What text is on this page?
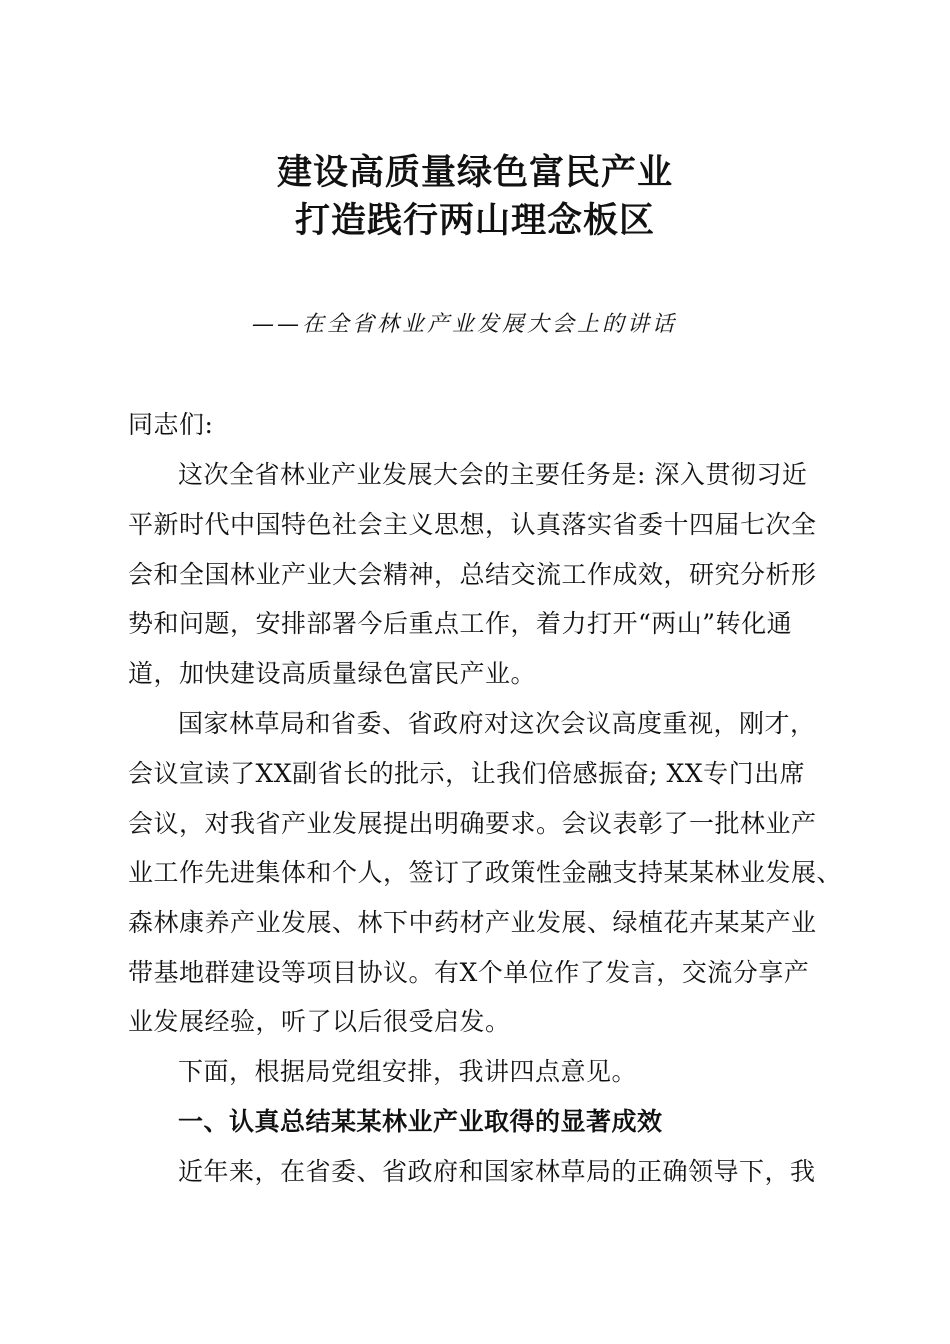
建设高质量绿色富民产业
打造践行两山理念板区
——在全省林业产业发展大会上的讲话
同志们:
这次全省林业产业发展大会的主要任务是: 深入贯彻习近
平新时代中国特色社会主义思想，认真落实省委十四届七次全
会和全国林业产业大会精神，总结交流工作成效，研究分析形
势和问题，安排部署今后重点工作，着力打开“两山”转化通
道，加快建设高质量绿色富民产业。
国家林草局和省委、省政府对这次会议高度重视，刚才，
会议宣读了XX副省长的批示，让我们倍感振奋; XX专门出席
会议，对我省产业发展提出明确要求。会议表彰了一批林业产
业工作先进集体和个人，签订了政策性金融支持某某林业发展、
森林康养产业发展、林下中药材产业发展、绿植花卉某某产业
带基地群建设等项目协议。有X个单位作了发言，交流分享产
业发展经验，听了以后很受启发。
下面，根据局党组安排，我讲四点意见。
一、认真总结某某林业产业取得的显著成效
近年来，在省委、省政府和国家林草局的正确领导下，我
